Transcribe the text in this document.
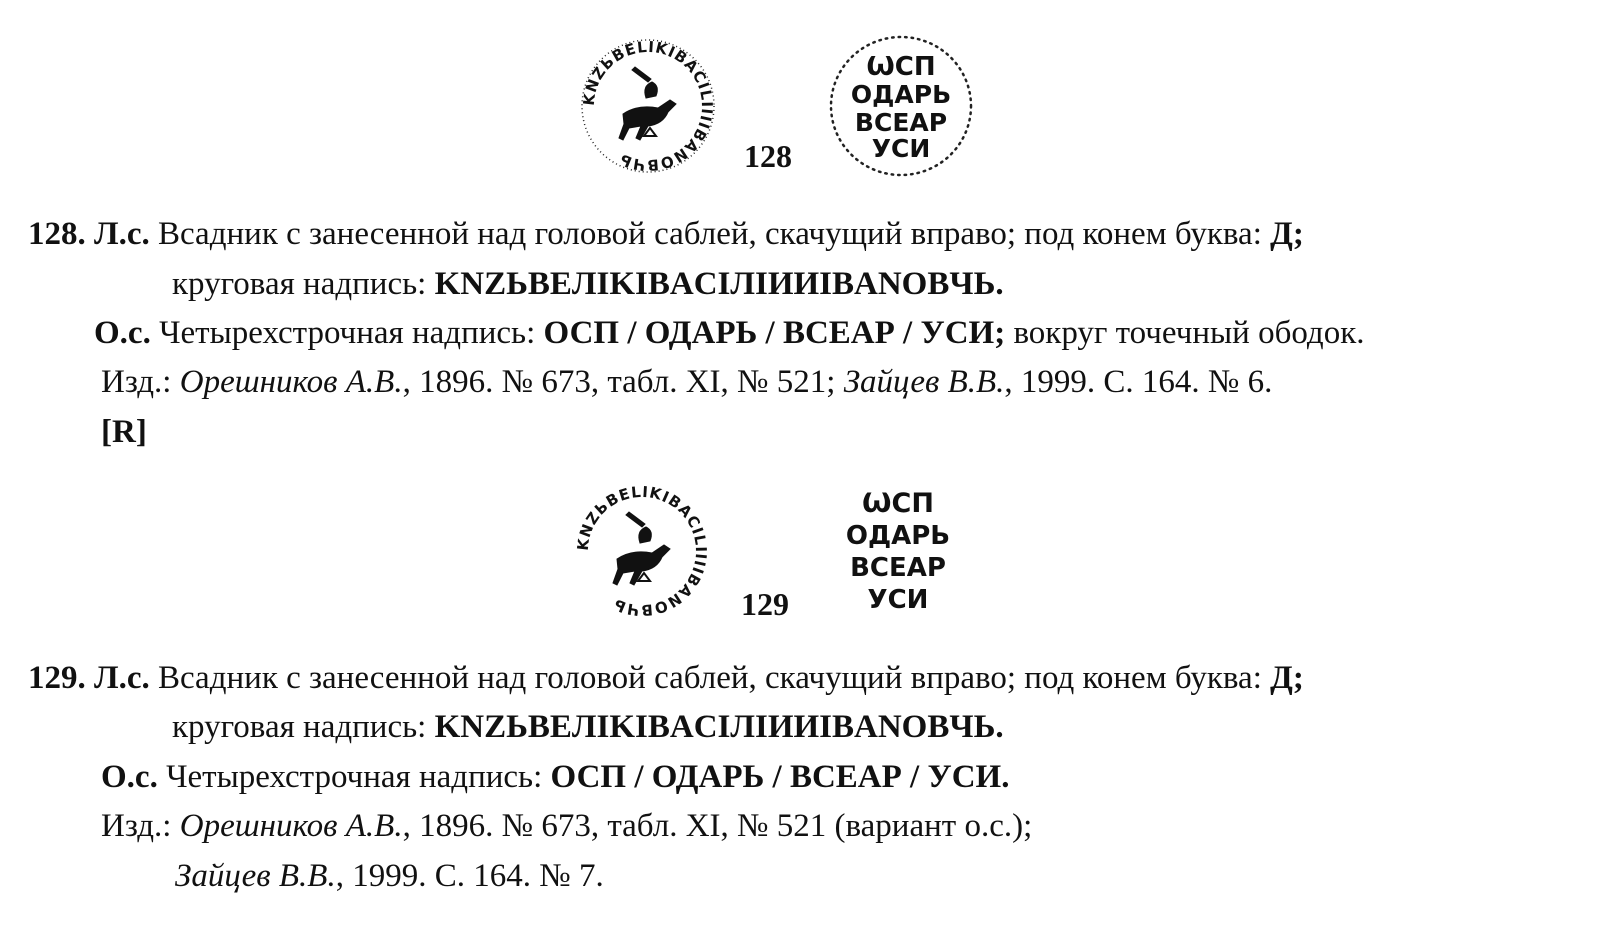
KNZЬBELIKIBACILIIIIBANOBЧЬ	128
ѠСП
ОДАРЬ
ВСЕАР
УСИ
128. Л.с. Всадник с занесенной над головой саблей, скачущий вправо; под конем буква: Д;
круговая надпись: KNZЬBEЛIKIBACIЛIИИIBANOBЧЬ.
О.с. Четырехстрочная надпись: ОСП / ОДАРЬ / ВСЕАР / УСИ; вокруг точечный ободок.
Изд.: Орешников А.В., 1896. № 673, табл. XI, № 521; Зайцев В.В., 1999. С. 164. № 6.
[R]
KNZЬBELIKIBACILIIIIBANOBЧЬ	129
ѠСП
ОДАРЬ
ВСЕАР
УСИ
129. Л.с. Всадник с занесенной над головой саблей, скачущий вправо; под конем буква: Д;
круговая надпись: KNZЬBEЛIKIBACIЛIИИIBANOBЧЬ.
О.с. Четырехстрочная надпись: ОСП / ОДАРЬ / ВСЕАР / УСИ.
Изд.: Орешников А.В., 1896. № 673, табл. XI, № 521 (вариант о.с.);
Зайцев В.В., 1999. С. 164. № 7.
